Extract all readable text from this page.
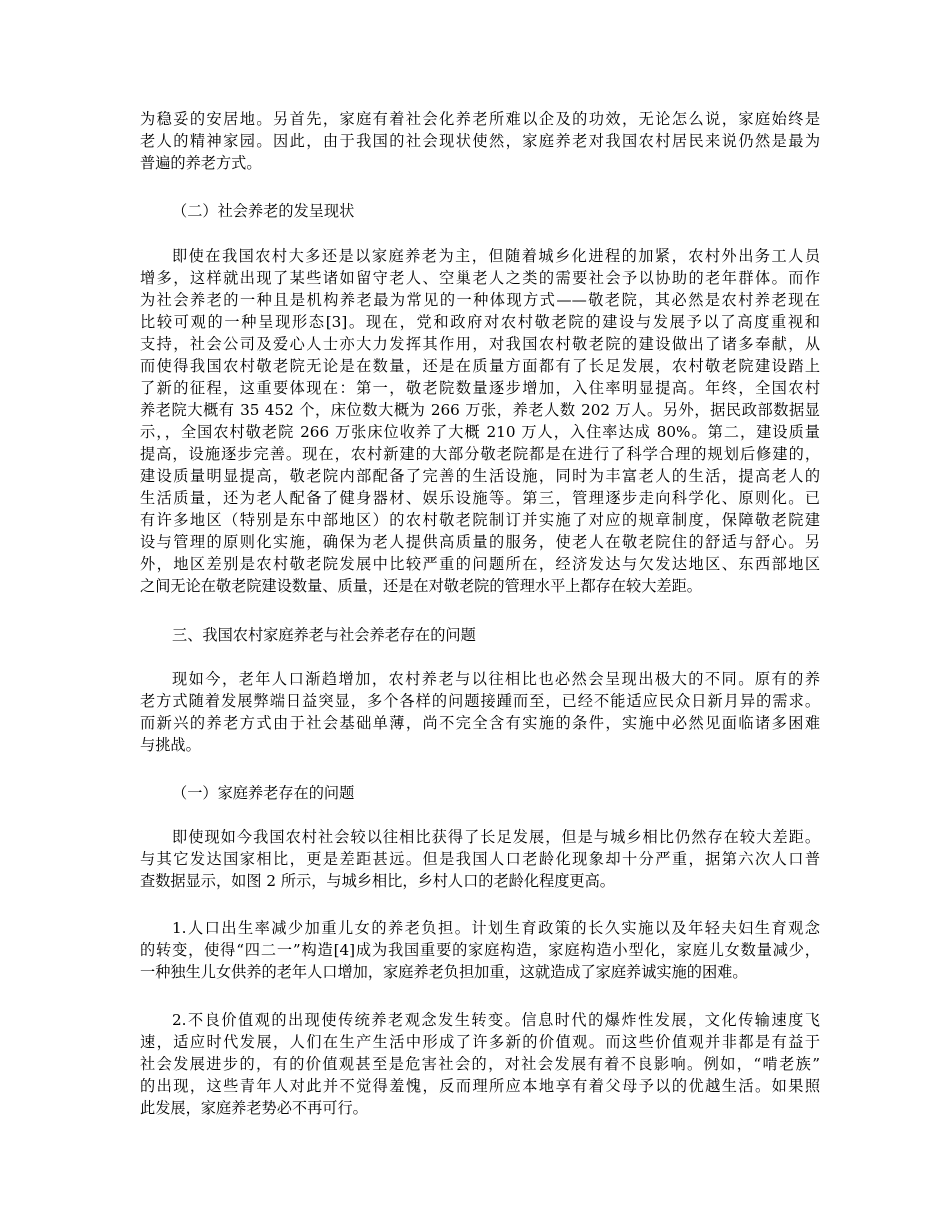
为稳妥的安居地。另首先，家庭有着社会化养老所难以企及的功效，无论怎么说，家庭始终是
老人的精神家园。因此，由于我国的社会现状使然，家庭养老对我国农村居民来说仍然是最为
普遍的养老方式。
（二）社会养老的发呈现状
即使在我国农村大多还是以家庭养老为主，但随着城乡化进程的加紧，农村外出务工人员
增多，这样就出现了某些诸如留守老人、空巢老人之类的需要社会予以协助的老年群体。而作
为社会养老的一种且是机构养老最为常见的一种体现方式——敬老院，其必然是农村养老现在
比较可观的一种呈现形态[3]。现在，党和政府对农村敬老院的建设与发展予以了高度重视和
支持，社会公司及爱心人士亦大力发挥其作用，对我国农村敬老院的建设做出了诸多奉献，从
而使得我国农村敬老院无论是在数量，还是在质量方面都有了长足发展，农村敬老院建设踏上
了新的征程，这重要体现在：第一，敬老院数量逐步增加，入住率明显提高。年终，全国农村
养老院大概有 35 452 个，床位数大概为 266 万张，养老人数 202 万人。另外，据民政部数据显
示，，全国农村敬老院 266 万张床位收养了大概 210 万人，入住率达成 80%。第二，建设质量
提高，设施逐步完善。现在，农村新建的大部分敬老院都是在进行了科学合理的规划后修建的，
建设质量明显提高，敬老院内部配备了完善的生活设施，同时为丰富老人的生活，提高老人的
生活质量，还为老人配备了健身器材、娱乐设施等。第三，管理逐步走向科学化、原则化。已
有许多地区（特别是东中部地区）的农村敬老院制订并实施了对应的规章制度，保障敬老院建
设与管理的原则化实施，确保为老人提供高质量的服务，使老人在敬老院住的舒适与舒心。另
外，地区差别是农村敬老院发展中比较严重的问题所在，经济发达与欠发达地区、东西部地区
之间无论在敬老院建设数量、质量，还是在对敬老院的管理水平上都存在较大差距。
三、我国农村家庭养老与社会养老存在的问题
现如今，老年人口渐趋增加，农村养老与以往相比也必然会呈现出极大的不同。原有的养
老方式随着发展弊端日益突显，多个各样的问题接踵而至，已经不能适应民众日新月异的需求。
而新兴的养老方式由于社会基础单薄，尚不完全含有实施的条件，实施中必然见面临诸多困难
与挑战。
（一）家庭养老存在的问题
即使现如今我国农村社会较以往相比获得了长足发展，但是与城乡相比仍然存在较大差距。
与其它发达国家相比，更是差距甚远。但是我国人口老龄化现象却十分严重，据第六次人口普
查数据显示，如图 2 所示，与城乡相比，乡村人口的老龄化程度更高。
1.人口出生率减少加重儿女的养老负担。计划生育政策的长久实施以及年轻夫妇生育观念
的转变，使得“四二一”构造[4]成为我国重要的家庭构造，家庭构造小型化，家庭儿女数量减少，
一种独生儿女供养的老年人口增加，家庭养老负担加重，这就造成了家庭养诚实施的困难。
2.不良价值观的出现使传统养老观念发生转变。信息时代的爆炸性发展，文化传输速度飞
速，适应时代发展，人们在生产生活中形成了许多新的价值观。而这些价值观并非都是有益于
社会发展进步的，有的价值观甚至是危害社会的，对社会发展有着不良影响。例如，“啃老族”
的出现，这些青年人对此并不觉得羞愧，反而理所应本地享有着父母予以的优越生活。如果照
此发展，家庭养老势必不再可行。
